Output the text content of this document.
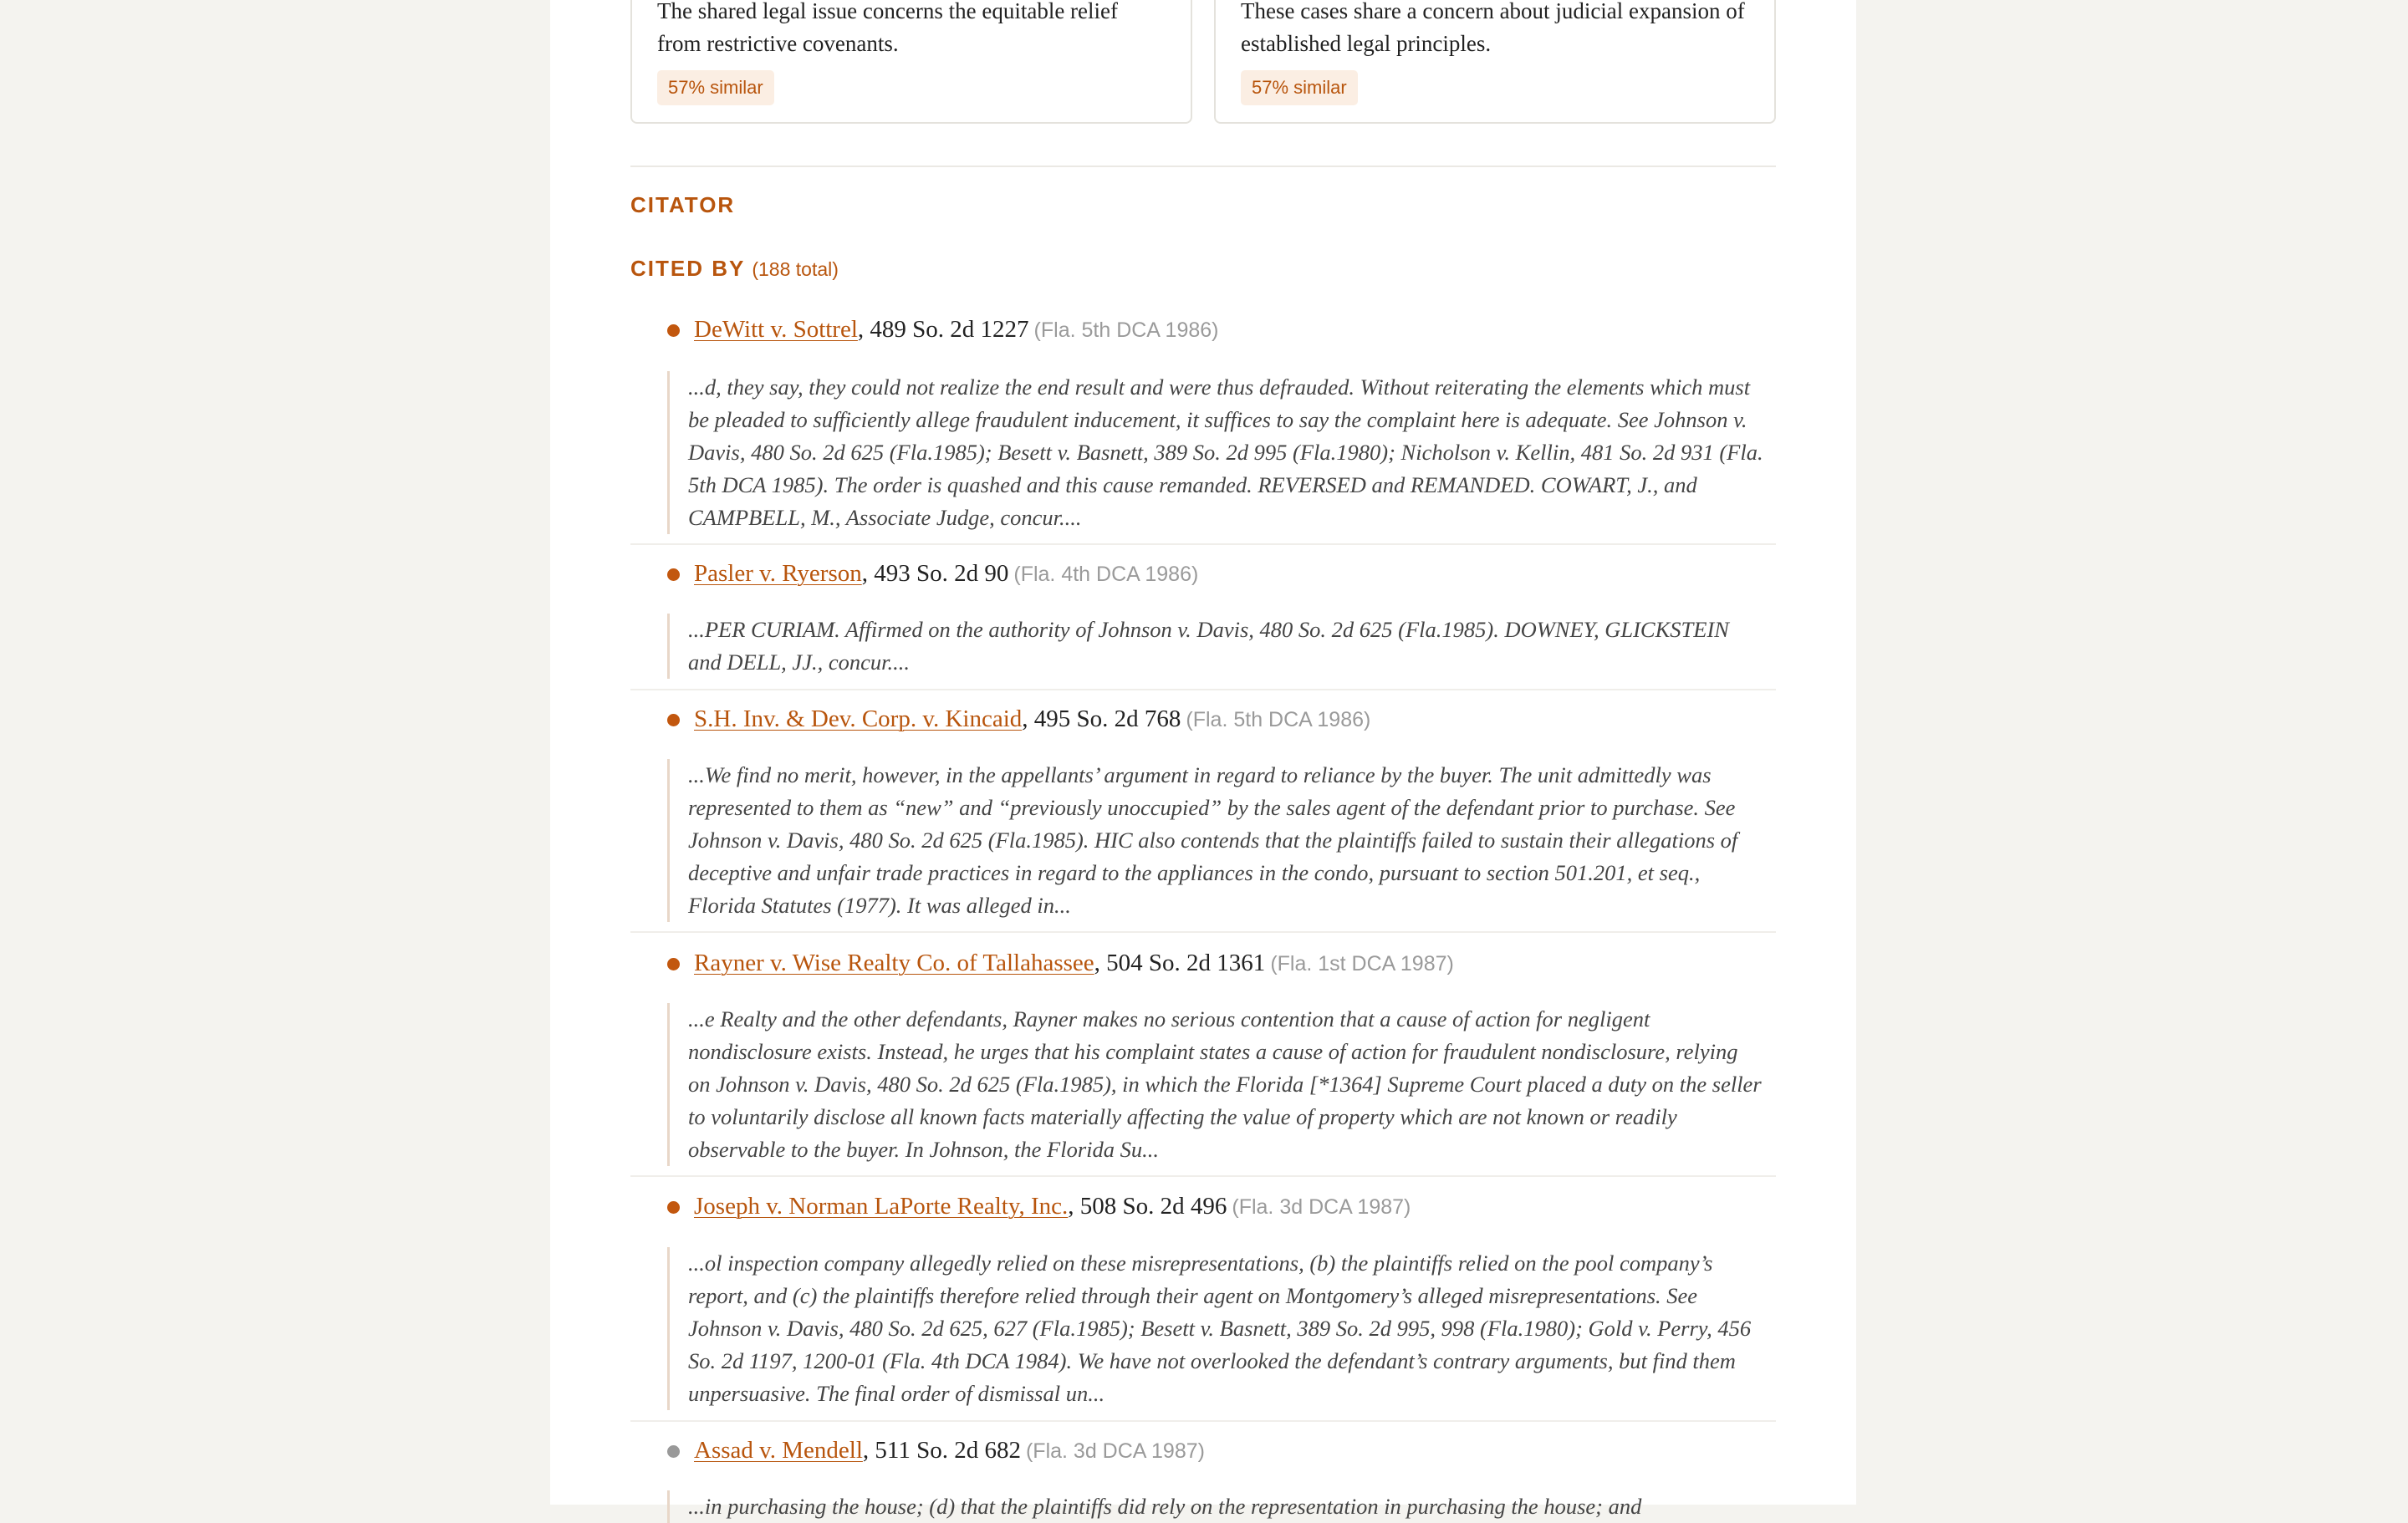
The shared legal issue concerns the equitable relief from restrictive covenants.
57% similar
These cases share a concern about judicial expansion of established legal principles.
57% similar
CITATOR
CITED BY (188 total)
DeWitt v. Sottrel, 489 So. 2d 1227 (Fla. 5th DCA 1986)
...d, they say, they could not realize the end result and were thus defrauded. Without reiterating the elements which must be pleaded to sufficiently allege fraudulent inducement, it suffices to say the complaint here is adequate. See Johnson v. Davis, 480 So. 2d 625 (Fla.1985); Besett v. Basnett, 389 So. 2d 995 (Fla.1980); Nicholson v. Kellin, 481 So. 2d 931 (Fla. 5th DCA 1985). The order is quashed and this cause remanded. REVERSED and REMANDED. COWART, J., and CAMPBELL, M., Associate Judge, concur....
Pasler v. Ryerson, 493 So. 2d 90 (Fla. 4th DCA 1986)
...PER CURIAM. Affirmed on the authority of Johnson v. Davis, 480 So. 2d 625 (Fla.1985). DOWNEY, GLICKSTEIN and DELL, JJ., concur....
S.H. Inv. & Dev. Corp. v. Kincaid, 495 So. 2d 768 (Fla. 5th DCA 1986)
...We find no merit, however, in the appellants’ argument in regard to reliance by the buyer. The unit admittedly was represented to them as “new” and “previously unoccupied” by the sales agent of the defendant prior to purchase. See Johnson v. Davis, 480 So. 2d 625 (Fla.1985). HIC also contends that the plaintiffs failed to sustain their allegations of deceptive and unfair trade practices in regard to the appliances in the condo, pursuant to section 501.201, et seq., Florida Statutes (1977). It was alleged in...
Rayner v. Wise Realty Co. of Tallahassee, 504 So. 2d 1361 (Fla. 1st DCA 1987)
...e Realty and the other defendants, Rayner makes no serious contention that a cause of action for negligent nondisclosure exists. Instead, he urges that his complaint states a cause of action for fraudulent nondisclosure, relying on Johnson v. Davis, 480 So. 2d 625 (Fla.1985), in which the Florida [*1364] Supreme Court placed a duty on the seller to voluntarily disclose all known facts materially affecting the value of property which are not known or readily observable to the buyer. In Johnson, the Florida Su...
Joseph v. Norman LaPorte Realty, Inc., 508 So. 2d 496 (Fla. 3d DCA 1987)
...ol inspection company allegedly relied on these misrepresentations, (b) the plaintiffs relied on the pool company’s report, and (c) the plaintiffs therefore relied through their agent on Montgomery’s alleged misrepresentations. See Johnson v. Davis, 480 So. 2d 625, 627 (Fla.1985); Besett v. Basnett, 389 So. 2d 995, 998 (Fla.1980); Gold v. Perry, 456 So. 2d 1197, 1200-01 (Fla. 4th DCA 1984). We have not overlooked the defendant’s contrary arguments, but find them unpersuasive. The final order of dismissal un...
Assad v. Mendell, 511 So. 2d 682 (Fla. 3d DCA 1987)
...in purchasing the house; (d) that the plaintiffs did rely on the representation in purchasing the house; and
